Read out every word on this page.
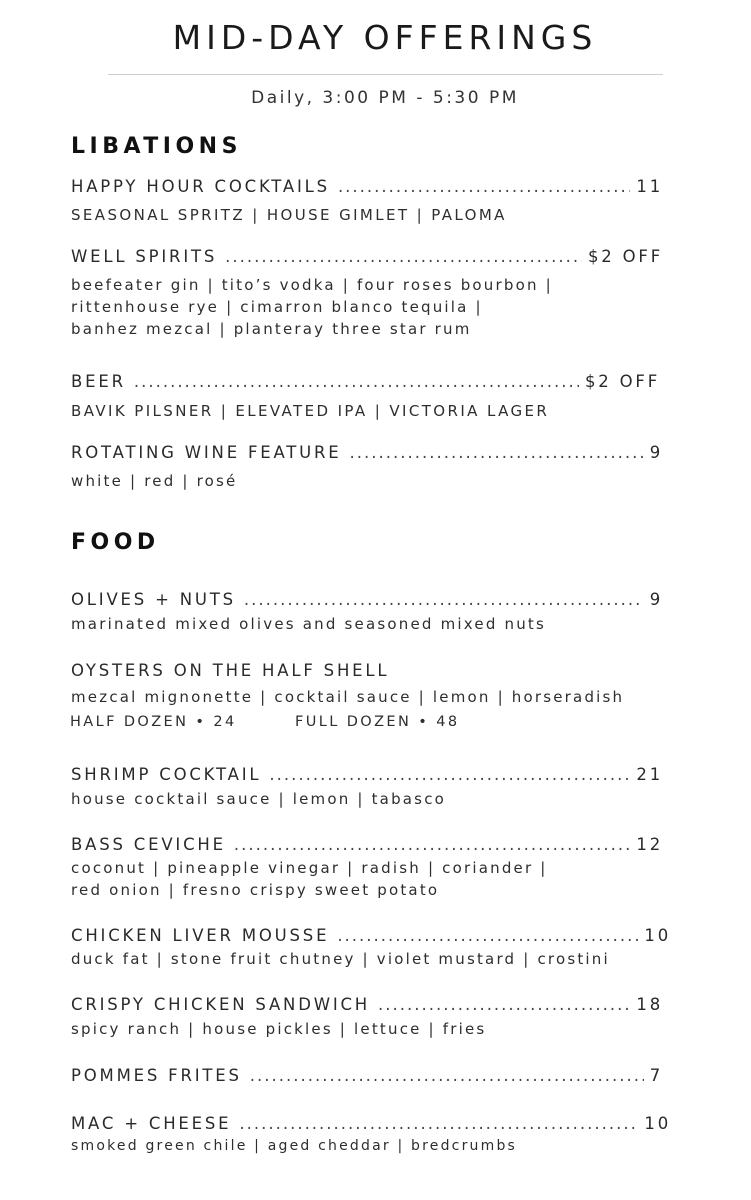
MID-DAY OFFERINGS
Daily, 3:00 PM - 5:30 PM
LIBATIONS
HAPPY HOUR COCKTAILS .....	11
SEASONAL SPRITZ | HOUSE GIMLET | PALOMA
WELL SPIRITS .....	$2 OFF
beefeater gin | tito’s vodka | four roses bourbon |
rittenhouse rye | cimarron blanco tequila |
banhez mezcal | planteray three star rum
BEER .....	$2 OFF
BAVIK PILSNER | ELEVATED IPA | VICTORIA LAGER
ROTATING WINE FEATURE .....	9
white | red | rosé
FOOD
OLIVES + NUTS .....	9
marinated mixed olives and seasoned mixed nuts
OYSTERS ON THE HALF SHELL
mezcal mignonette | cocktail sauce | lemon | horseradish
HALF DOZEN • 24	FULL DOZEN • 48
SHRIMP COCKTAIL .....	21
house cocktail sauce | lemon | tabasco
BASS CEVICHE .....	12
coconut | pineapple vinegar | radish | coriander |
red onion | fresno crispy sweet potato
CHICKEN LIVER MOUSSE .....	10
duck fat | stone fruit chutney | violet mustard | crostini
CRISPY CHICKEN SANDWICH .....	18
spicy ranch | house pickles | lettuce | fries
POMMES FRITES .....	7
MAC + CHEESE .....	10
smoked green chile | aged cheddar | bredcrumbs
